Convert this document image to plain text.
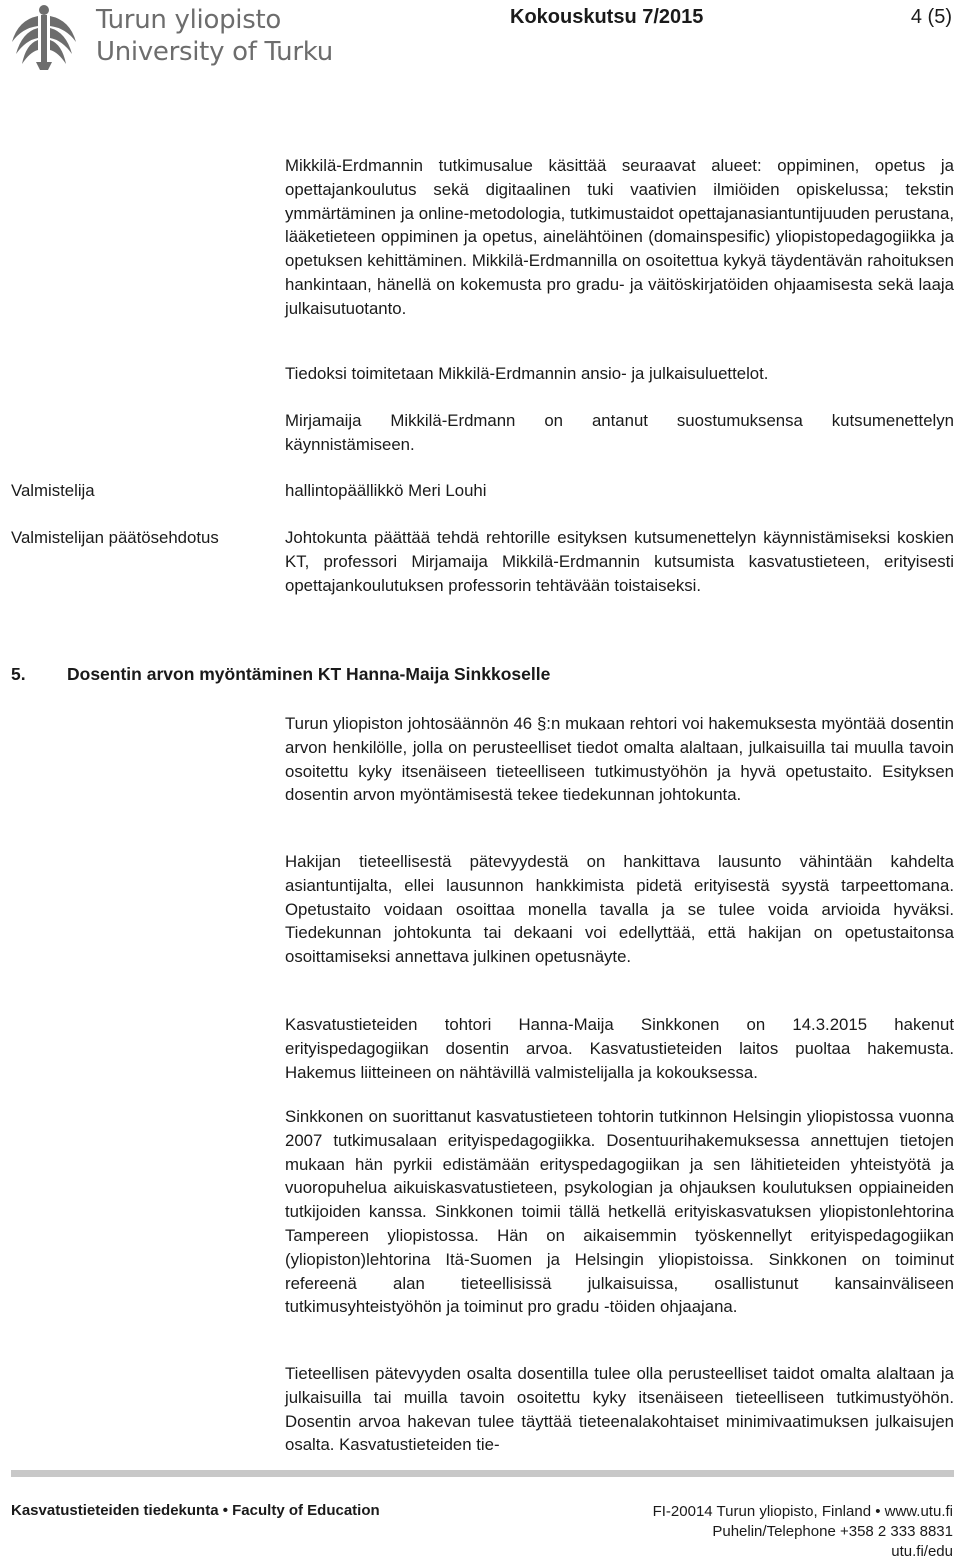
Turun yliopisto
University of Turku
Kokouskutsu 7/2015	4 (5)

Mikkilä-Erdmannin tutkimusalue käsittää seuraavat alueet: oppiminen, opetus ja opettajankoulutus sekä digitaalinen tuki vaativien ilmiöiden opiskelussa; tekstin ymmärtäminen ja online-metodologia, tutkimustaidot opettajanasiantuntijuuden perustana, lääketieteen oppiminen ja opetus, ainelähtöinen (domainspesific) yliopistopedagogiikka ja opetuksen kehittäminen. Mikkilä-Erdmannilla on osoitettua kykyä täydentävän rahoituksen hankintaan, hänellä on kokemusta pro gradu- ja väitöskirjatöiden ohjaamisesta sekä laaja julkaisutuotanto.

Tiedoksi toimitetaan Mikkilä-Erdmannin ansio- ja julkaisuluettelot.

Mirjamaija Mikkilä-Erdmann on antanut suostumuksensa kutsumenettelyn käynnistämiseen.

Valmistelija	hallintopäällikkö Meri Louhi

Valmistelijan päätösehdotus	Johtokunta päättää tehdä rehtorille esityksen kutsumenettelyn käynnistämiseksi koskien KT, professori Mirjamaija Mikkilä-Erdmannin kutsumista kasvatustieteen, erityisesti opettajankoulutuksen professorin tehtävään toistaiseksi.

5. Dosentin arvon myöntäminen KT Hanna-Maija Sinkkoselle

Turun yliopiston johtosäännön 46 §:n mukaan rehtori voi hakemuksesta myöntää dosentin arvon henkilölle, jolla on perusteelliset tiedot omalta alaltaan, julkaisuilla tai muulla tavoin osoitettu kyky itsenäiseen tieteelliseen tutkimustyöhön ja hyvä opetustaito. Esityksen dosentin arvon myöntämisestä tekee tiedekunnan johtokunta.

Hakijan tieteellisestä pätevyydestä on hankittava lausunto vähintään kahdelta asiantuntijalta, ellei lausunnon hankkimista pidetä erityisestä syystä tarpeettomana. Opetustaito voidaan osoittaa monella tavalla ja se tulee voida arvioida hyväksi. Tiedekunnan johtokunta tai dekaani voi edellyttää, että hakijan on opetustaitonsa osoittamiseksi annettava julkinen opetusnäyte.

Kasvatustieteiden tohtori Hanna-Maija Sinkkonen on 14.3.2015 hakenut erityispedagogiikan dosentin arvoa. Kasvatustieteiden laitos puoltaa hakemusta. Hakemus liitteineen on nähtävillä valmistelijalla ja kokouksessa.

Sinkkonen on suorittanut kasvatustieteen tohtorin tutkinnon Helsingin yliopistossa vuonna 2007 tutkimusalaan erityispedagogiikka. Dosentuurihakemuksessa annettujen tietojen mukaan hän pyrkii edistämään erityspedagogiikan ja sen lähitieteiden yhteistyötä ja vuoropuhelua aikuiskasvatustieteen, psykologian ja ohjauksen koulutuksen oppiaineiden tutkijoiden kanssa. Sinkkonen toimii tällä hetkellä erityiskasvatuksen yliopistonlehtorina Tampereen yliopistossa. Hän on aikaisemmin työskennellyt erityispedagogiikan (yliopiston)lehtorina Itä-Suomen ja Helsingin yliopistoissa. Sinkkonen on toiminut refereenä alan tieteellisissä julkaisuissa, osallistunut kansainväliseen tutkimusyhteistyöhön ja toiminut pro gradu -töiden ohjaajana.

Tieteellisen pätevyyden osalta dosentilla tulee olla perusteelliset taidot omalta alaltaan ja julkaisuilla tai muilla tavoin osoitettu kyky itsenäiseen tieteelliseen tutkimustyöhön. Dosentin arvoa hakevan tulee täyttää tieteenalakohtaiset minimivaatimuksen julkaisujen osalta. Kasvatustieteiden tie-

Kasvatustieteiden tiedekunta • Faculty of Education	FI-20014 Turun yliopisto, Finland • www.utu.fi
Puhelin/Telephone +358 2 333 8831
utu.fi/edu
